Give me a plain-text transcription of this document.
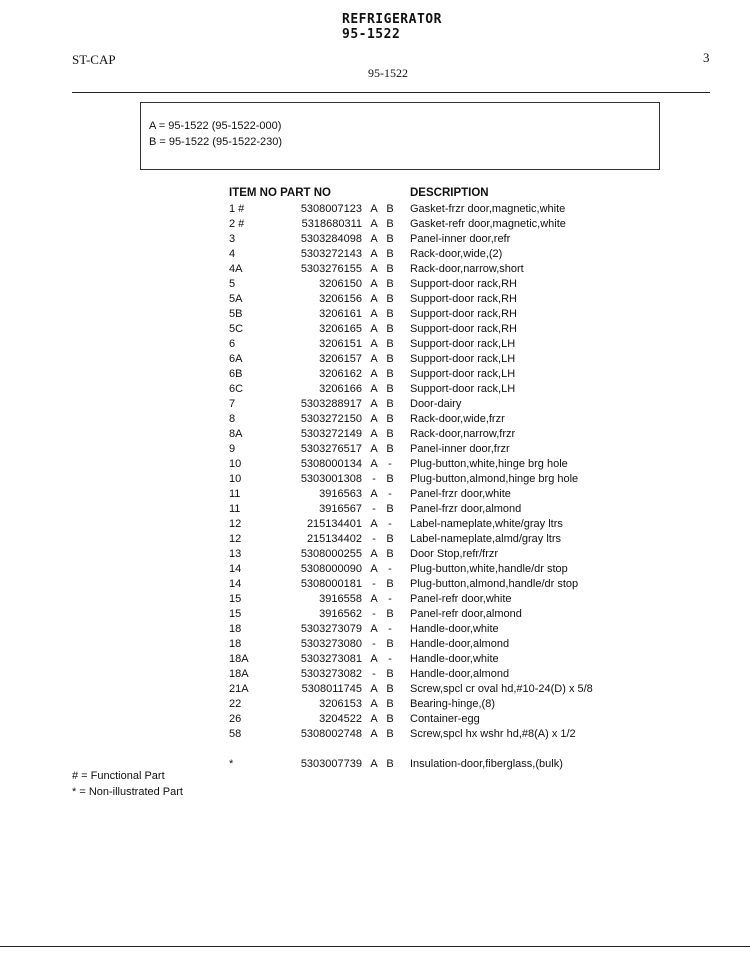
REFRIGERATOR
95-1522
ST-CAP	3
95-1522
A = 95-1522 (95-1522-000)
B = 95-1522 (95-1522-230)
ITEM NO PART NO	DESCRIPTION
1 #	5308007123 A B Gasket-frzr door,magnetic,white
2 #	5318680311 A B Gasket-refr door,magnetic,white
3	5303284098 A B Panel-inner door,refr
4	5303272143 A B Rack-door,wide,(2)
4A	5303276155 A B Rack-door,narrow,short
5	3206150 A B Support-door rack,RH
5A	3206156 A B Support-door rack,RH
5B	3206161 A B Support-door rack,RH
5C	3206165 A B Support-door rack,RH
6	3206151 A B Support-door rack,LH
6A	3206157 A B Support-door rack,LH
6B	3206162 A B Support-door rack,LH
6C	3206166 A B Support-door rack,LH
7	5303288917 A B Door-dairy
8	5303272150 A B Rack-door,wide,frzr
8A	5303272149 A B Rack-door,narrow,frzr
9	5303276517 A B Panel-inner door,frzr
10	5308000134 A -	Plug-button,white,hinge brg hole
10	5303001308 - B Plug-button,almond,hinge brg hole
11	3916563 A -	Panel-frzr door,white
11	3916567 - B Panel-frzr door,almond
12	215134401 A -	Label-nameplate,white/gray ltrs
12	215134402 - B Label-nameplate,almd/gray ltrs
13	5308000255 A B Door Stop,refr/frzr
14	5308000090 A -	Plug-button,white,handle/dr stop
14	5308000181 - B Plug-button,almond,handle/dr stop
15	3916558 A -	Panel-refr door,white
15	3916562 - B Panel-refr door,almond
18	5303273079 A -	Handle-door,white
18	5303273080 - B Handle-door,almond
18A	5303273081 A -	Handle-door,white
18A	5303273082 - B Handle-door,almond
21A	5308011745 A B Screw,spcl cr oval hd,#10-24(D) x 5/8
22	3206153 A B Bearing-hinge,(8)
26	3204522 A B Container-egg
58	5308002748 A B Screw,spcl hx wshr hd,#8(A) x 1/2
*	5303007739 A B Insulation-door,fiberglass,(bulk)
# = Functional Part
* = Non-illustrated Part
